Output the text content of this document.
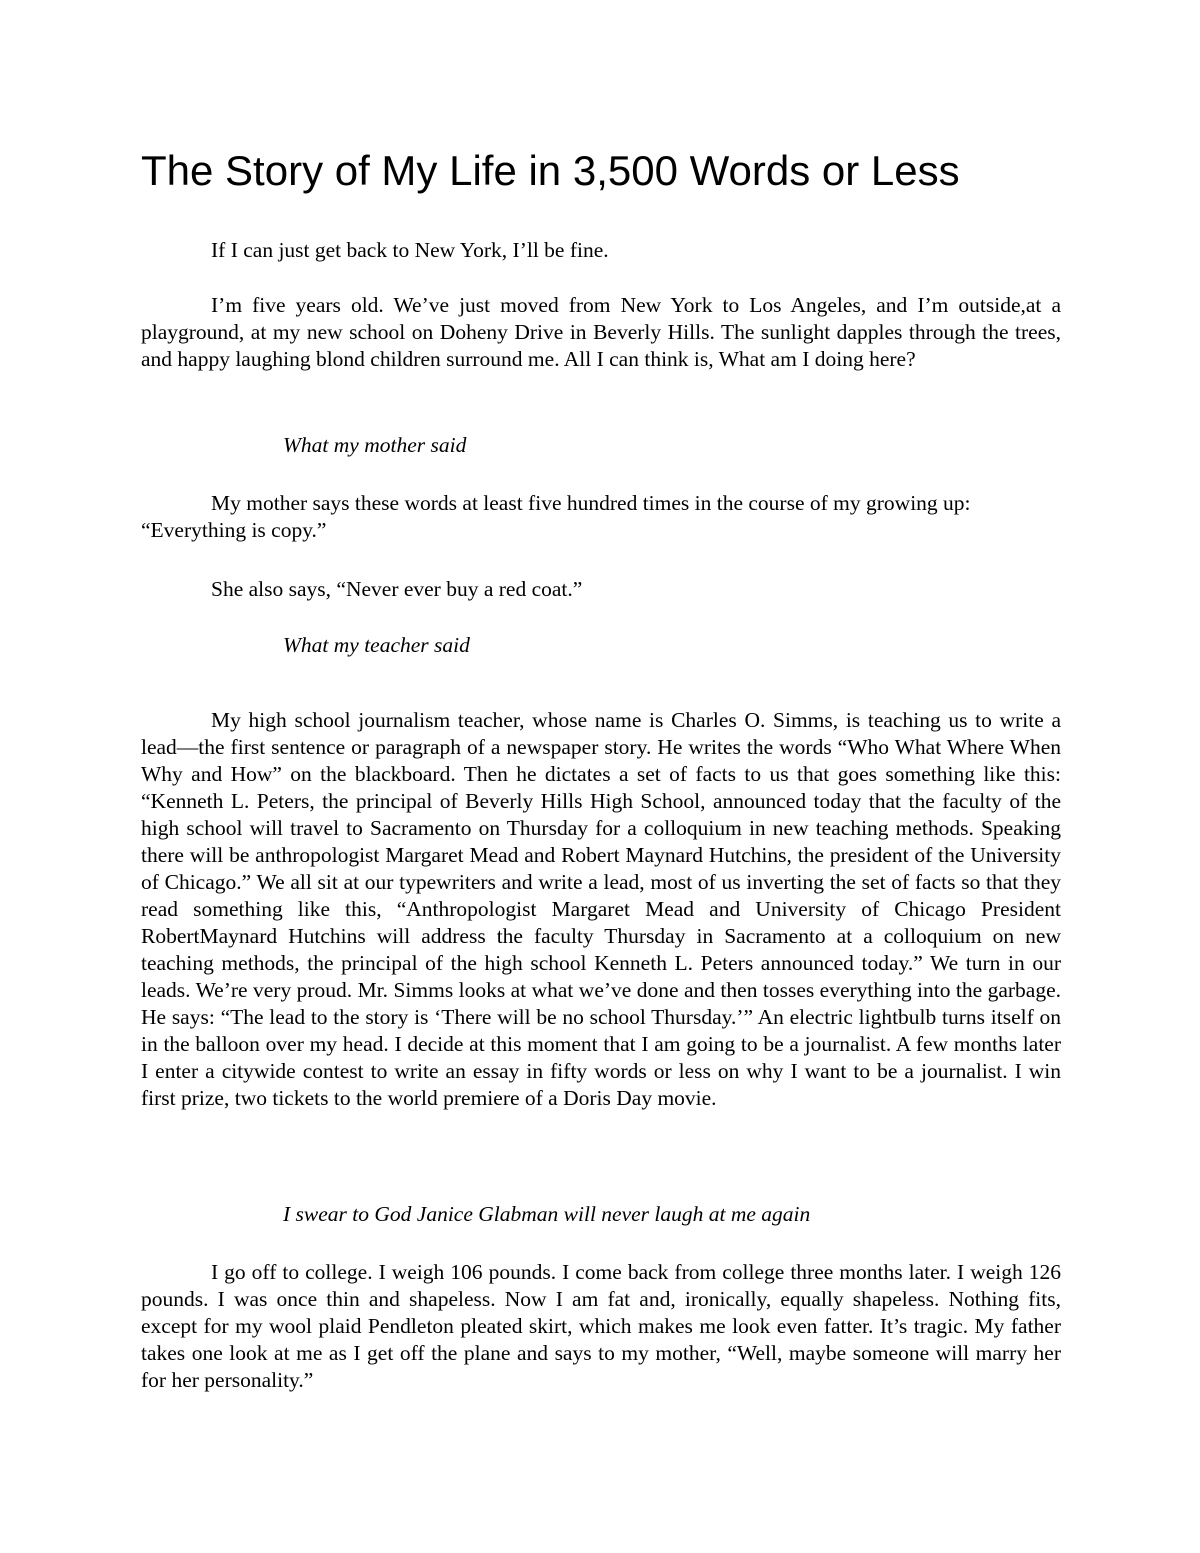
The Story of My Life in 3,500 Words or Less

If I can just get back to New York, I’ll be fine.

I’m five years old. We’ve just moved from New York to Los Angeles, and I’m outside,at a playground, at my new school on Doheny Drive in Beverly Hills. The sunlight dapples through the trees, and happy laughing blond children surround me. All I can think is, What am I doing here?

What my mother said

My mother says these words at least five hundred times in the course of my growing up: “Everything is copy.”

She also says, “Never ever buy a red coat.”

What my teacher said

My high school journalism teacher, whose name is Charles O. Simms, is teaching us to write a lead—the first sentence or paragraph of a newspaper story. He writes the words “Who What Where When Why and How” on the blackboard. Then he dictates a set of facts to us that goes something like this: “Kenneth L. Peters, the principal of Beverly Hills High School, announced today that the faculty of the high school will travel to Sacramento on Thursday for a colloquium in new teaching methods. Speaking there will be anthropologist Margaret Mead and Robert Maynard Hutchins, the president of the University of Chicago.” We all sit at our typewriters and write a lead, most of us inverting the set of facts so that they read something like this, “Anthropologist Margaret Mead and University of Chicago President RobertMaynard Hutchins will address the faculty Thursday in Sacramento at a colloquium on new teaching methods, the principal of the high school Kenneth L. Peters announced today.” We turn in our leads. We’re very proud. Mr. Simms looks at what we’ve done and then tosses everything into the garbage. He says: “The lead to the story is ‘There will be no school Thursday.’” An electric lightbulb turns itself on in the balloon over my head. I decide at this moment that I am going to be a journalist. A few months later I enter a citywide contest to write an essay in fifty words or less on why I want to be a journalist. I win first prize, two tickets to the world premiere of a Doris Day movie.

I swear to God Janice Glabman will never laugh at me again

I go off to college. I weigh 106 pounds. I come back from college three months later. I weigh 126 pounds. I was once thin and shapeless. Now I am fat and, ironically, equally shapeless. Nothing fits, except for my wool plaid Pendleton pleated skirt, which makes me look even fatter. It’s tragic. My father takes one look at me as I get off the plane and says to my mother, “Well, maybe someone will marry her for her personality.”
